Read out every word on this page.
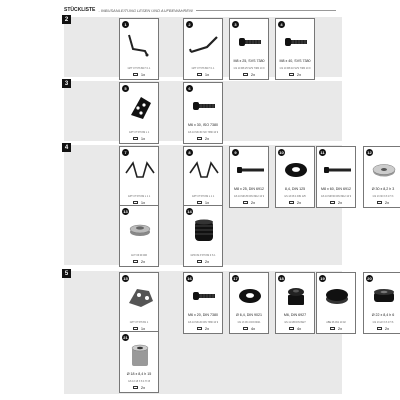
STÜCKLISTE - INBUSANLEITUNG LESEN UND AUFBEWAHREN!
2
1
GPT 07 576 B2 H 1 1
1x
2
GPT 07 576 B2 H 1 1
1x
3
M8 x 25, SVS 7380
GS 10 M8 25 SVS 7380 10 9
2x
4
M8 x 40, SVS 7380
GS 10 M8 40 SVS 7380 10 9
2x
3
5
GPT 07 576 B2 L 1
1x
6
M6 x 30, ISO 7380
GS 10 M6 30 ISO 7380 10 9
2x
4
7
GPT 07 576 B2 L 1 1
1x
8
GPT 07 576 B2 L 1 1
1x
9
M8 x 25, DIN 6912
GS 10 M8 25 DIN 6912 10 9
2x
10
8,4, DIN 125
GS 13 08 4 DIN 125
2x
11
M8 x 60, DIN 6912
GS 10 M8 60 DIN 6912 10 9
2x
12
Ø 30 x 8,2 h 3
GS 13 30 X 8 2 H 3
2x
13
ACT 06 09 006
2x
14
GPD 09 3 576 B2 0 S 1
2x
5
15
GPT 07 576 B1 1
1x
16
M6 x 20, DIN 7380
GS 10 M6 20 DIN 7380 10 9
2x
17
Ø 6,4, DIN 9021
GS 13 06 4 DIN 9021
4x
18
M6, DIN 6927
GS 11 M6 DIN 6927
4x
19
ABE 06 091 10 02
2x
20
Ø 22 x 8,4 h 6
GS 13 22 X 8 4 H 6
2x
21
Ø 18 x 8,4 h 15
GS 13 18 X 8 4 H 15
2x
